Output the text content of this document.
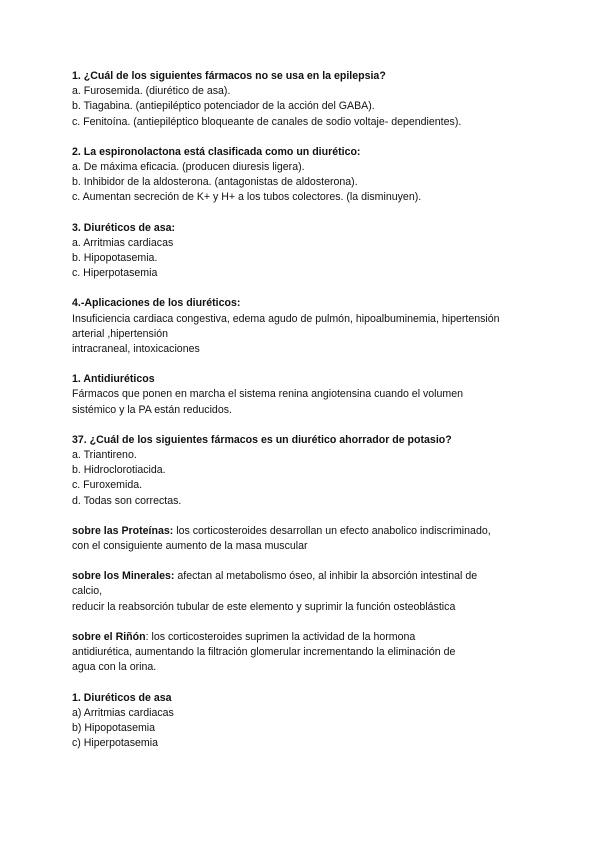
1. ¿Cuál de los siguientes fármacos no se usa en la epilepsia?

a. Furosemida. (diurético de asa).

b. Tiagabina. (antiepiléptico potenciador de la acción del GABA).

c. Fenitoína. (antiepiléptico bloqueante de canales de sodio voltaje- dependientes).

2. La espironolactona está clasificada como un diurético:

a. De máxima eficacia. (producen diuresis ligera).

b. Inhibidor de la aldosterona. (antagonistas de aldosterona).

c. Aumentan secreción de K+ y H+ a los tubos colectores. (la disminuyen).

3. Diuréticos de asa:

a. Arritmias cardiacas

b. Hipopotasemia.

c. Hiperpotasemia

4.-Aplicaciones de los diuréticos:

Insuficiencia cardiaca congestiva, edema agudo de pulmón, hipoalbuminemia, hipertensión

arterial ,hipertensión

intracraneal, intoxicaciones

1. Antidiuréticos

Fármacos que ponen en marcha el sistema renina angiotensina cuando el volumen

sistémico y la PA están reducidos.

37. ¿Cuál de los siguientes fármacos es un diurético ahorrador de potasio?

a. Triantireno.

b. Hidroclorotiacida.

c. Furoxemida.

d. Todas son correctas.

sobre las Proteínas: los corticosteroides desarrollan un efecto anabolico indiscriminado,

con el consiguiente aumento de la masa muscular

sobre los Minerales: afectan al metabolismo óseo, al inhibir la absorción intestinal de

calcio,

reducir la reabsorción tubular de este elemento y suprimir la función osteoblástica

sobre el Riñón: los corticosteroides suprimen la actividad de la hormona

antidiurética, aumentando la filtración glomerular incrementando la eliminación de

agua con la orina.

1. Diuréticos de asa

a) Arritmias cardiacas

b) Hipopotasemia

c) Hiperpotasemia
